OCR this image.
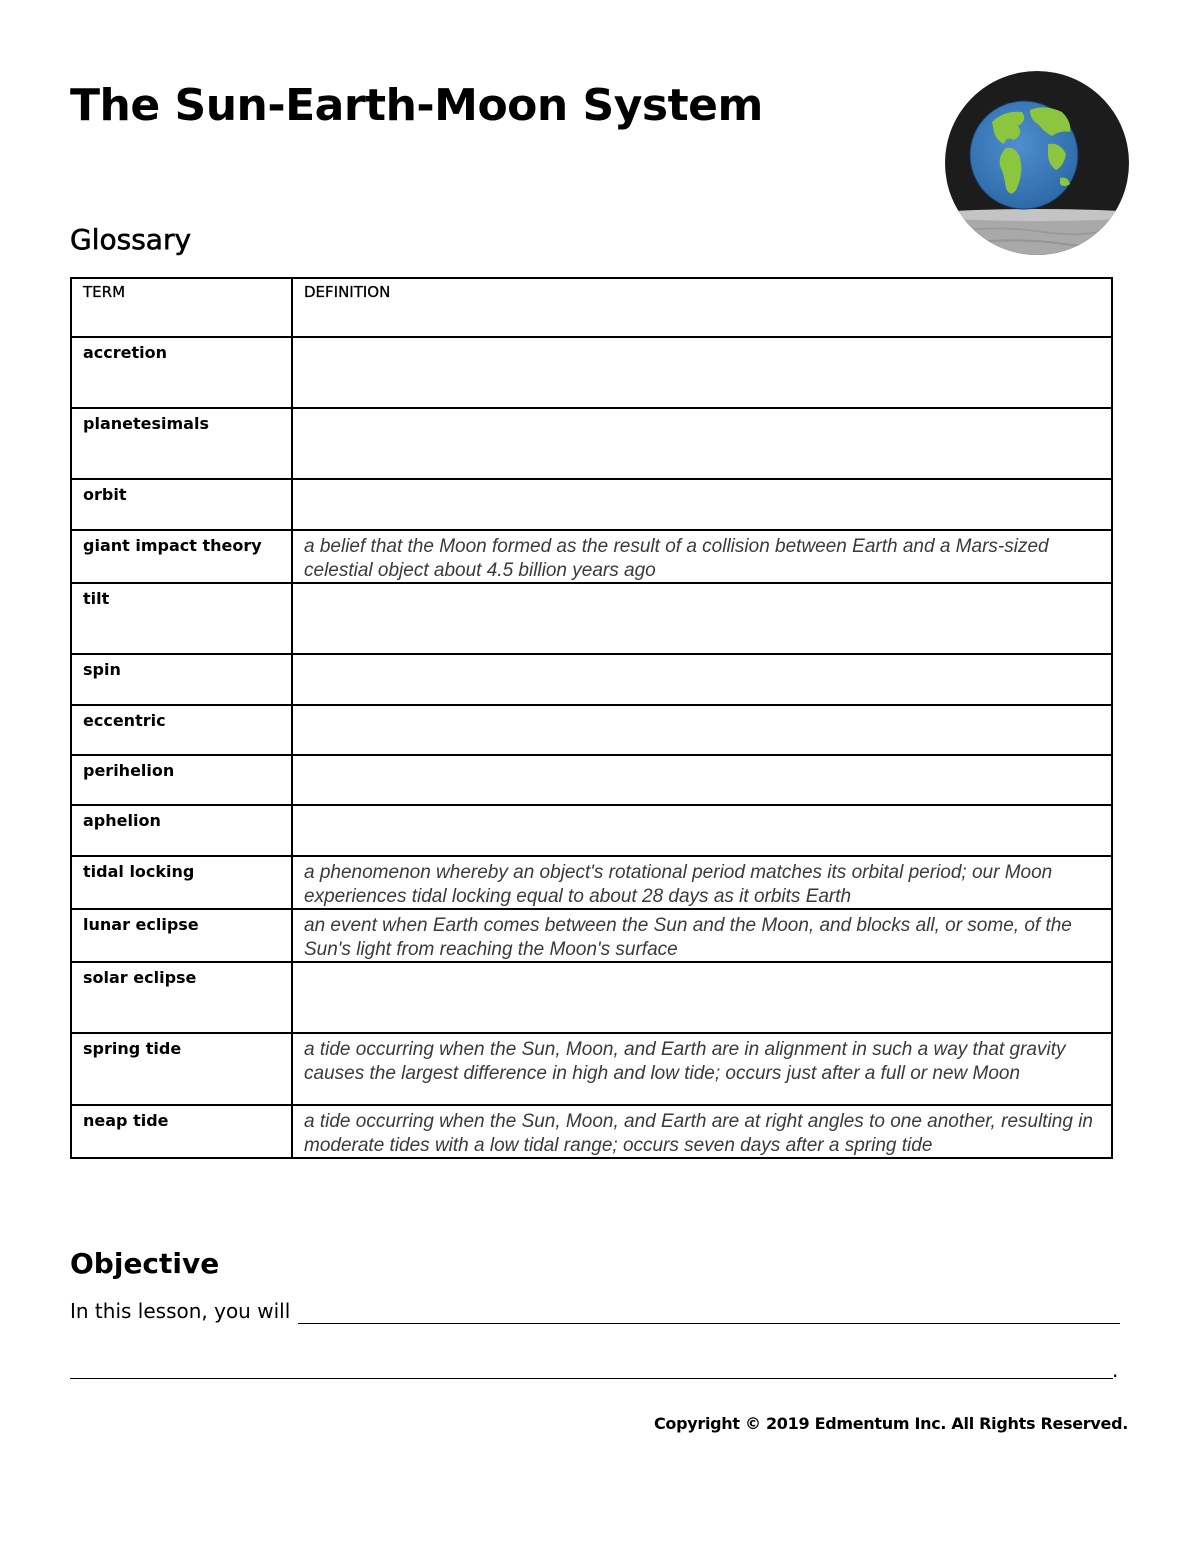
The Sun-Earth-Moon System
Glossary
TERM	DEFINITION
accretion	
planetesimals	
orbit	
giant impact theory	a belief that the Moon formed as the result of a collision between Earth and a Mars-sized celestial object about 4.5 billion years ago
tilt	
spin	
eccentric	
perihelion	
aphelion	
tidal locking	a phenomenon whereby an object's rotational period matches its orbital period; our Moon experiences tidal locking equal to about 28 days as it orbits Earth
lunar eclipse	an event when Earth comes between the Sun and the Moon, and blocks all, or some, of the Sun's light from reaching the Moon's surface
solar eclipse	
spring tide	a tide occurring when the Sun, Moon, and Earth are in alignment in such a way that gravity causes the largest difference in high and low tide; occurs just after a full or new Moon
neap tide	a tide occurring when the Sun, Moon, and Earth are at right angles to one another, resulting in moderate tides with a low tidal range; occurs seven days after a spring tide
Objective
In this lesson, you will
.
Copyright © 2019 Edmentum Inc. All Rights Reserved.
